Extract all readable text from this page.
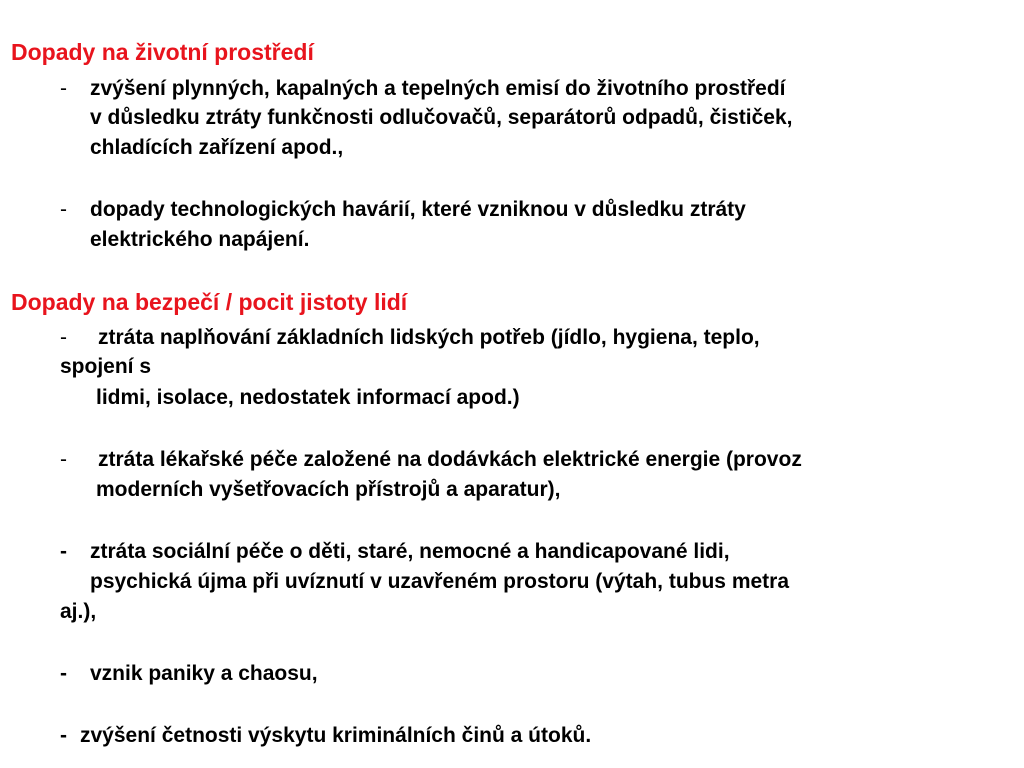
Dopady na životní prostředí
- zvýšení plynných, kapalných a tepelných emisí do životního prostředí
v důsledku ztráty funkčnosti odlučovačů, separátorů odpadů, čističek,
chladících zařízení apod.,
- dopady technologických havárií, které vzniknou v důsledku ztráty
elektrického napájení.
Dopady na bezpečí / pocit jistoty lidí
- ztráta naplňování základních lidských potřeb (jídlo, hygiena, teplo,
spojení s
lidmi, isolace, nedostatek informací apod.)
- ztráta lékařské péče založené na dodávkách elektrické energie (provoz
moderních vyšetřovacích přístrojů a aparatur),
- ztráta sociální péče o děti, staré, nemocné a handicapované lidi,
psychická újma při uvíznutí v uzavřeném prostoru (výtah, tubus metra
aj.),
- vznik paniky a chaosu,
- zvýšení četnosti výskytu kriminálních činů a útoků.
